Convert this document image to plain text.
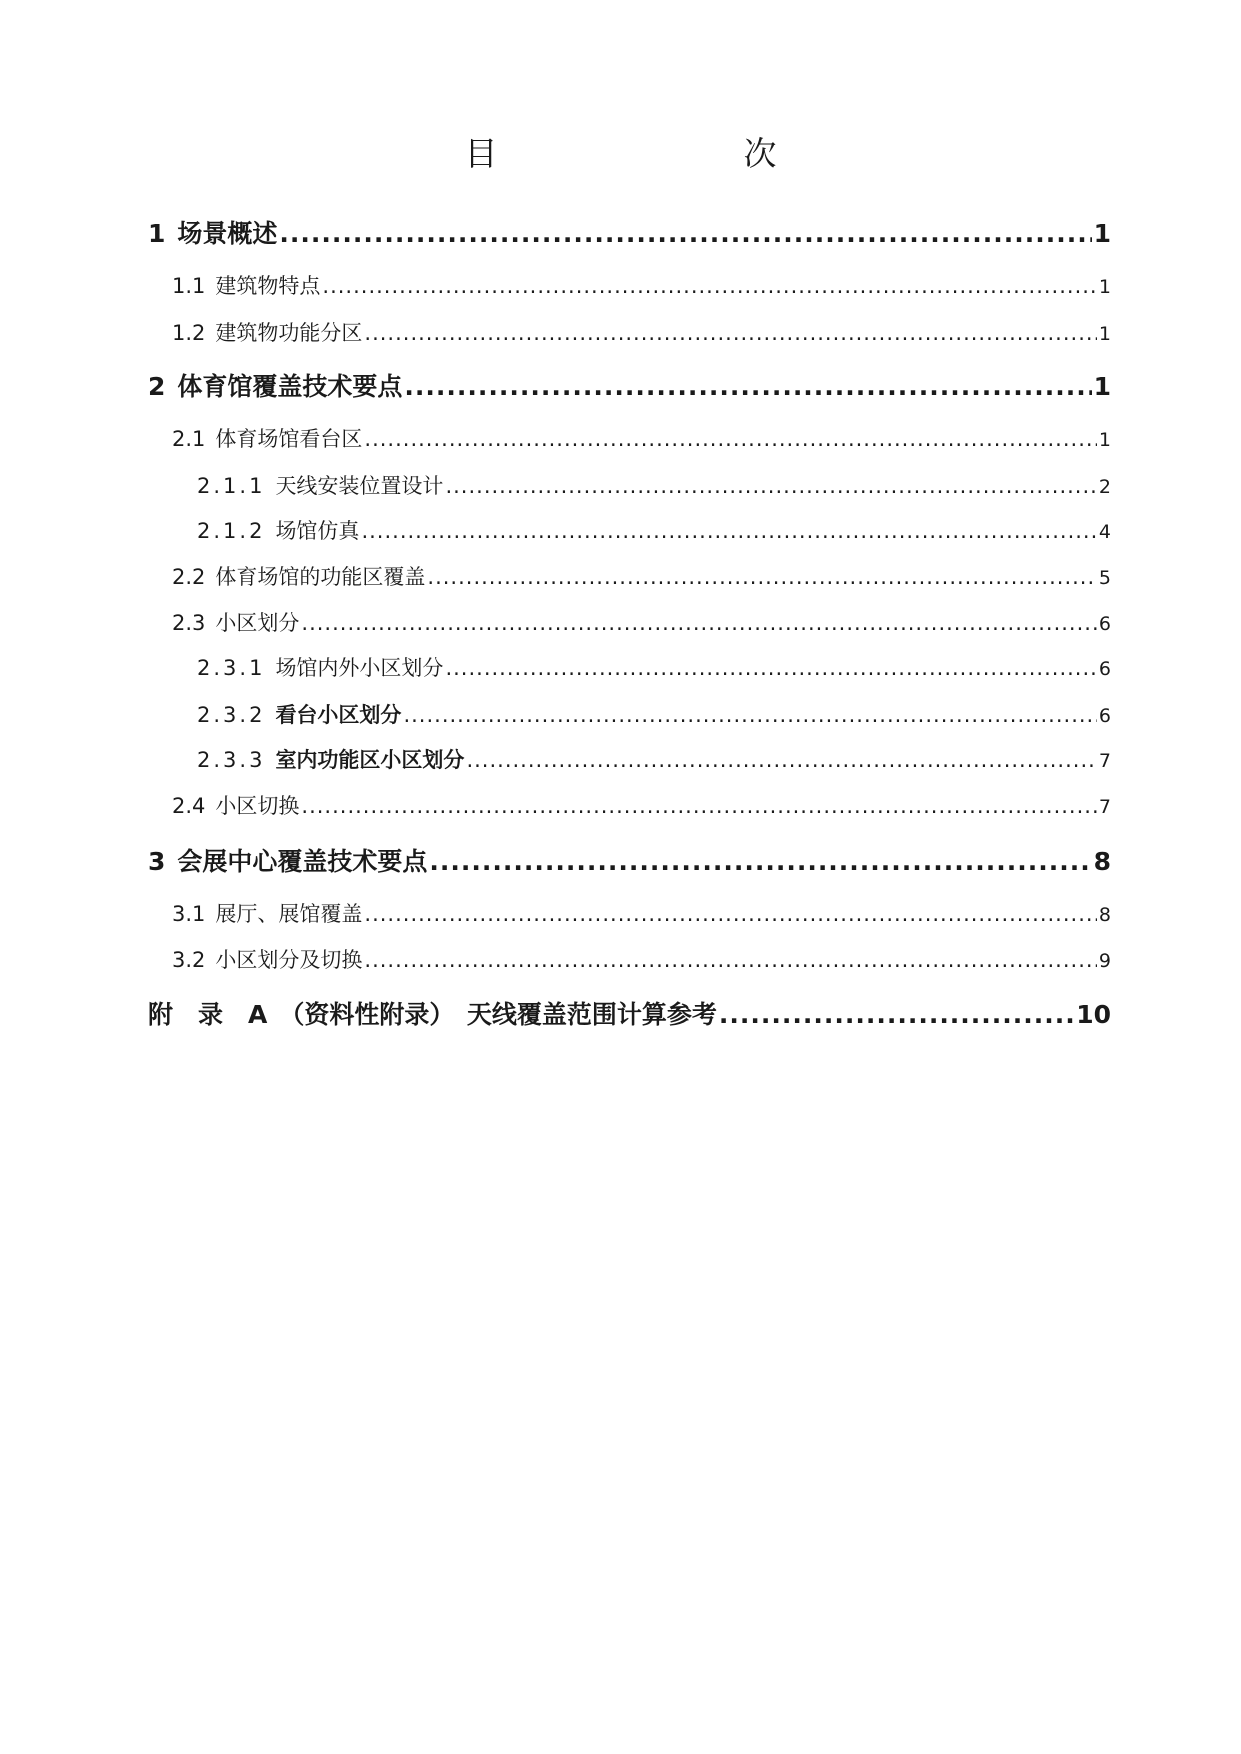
目　　次
1 场景概述 .....	1
1.1 建筑物特点 .....	1
1.2 建筑物功能分区 .....	1
2 体育馆覆盖技术要点 .....	1
2.1 体育场馆看台区 .....	1
2.1.1 天线安装位置设计 .....	2
2.1.2 场馆仿真 .....	4
2.2 体育场馆的功能区覆盖 .....	5
2.3 小区划分 .....	6
2.3.1 场馆内外小区划分 .....	6
2.3.2 看台小区划分 .....	6
2.3.3 室内功能区小区划分 .....	7
2.4 小区切换 .....	7
3 会展中心覆盖技术要点 .....	8
3.1 展厅、展馆覆盖 .....	8
3.2 小区划分及切换 .....	9
附　录　A （资料性附录）　天线覆盖范围计算参考 .....	10
